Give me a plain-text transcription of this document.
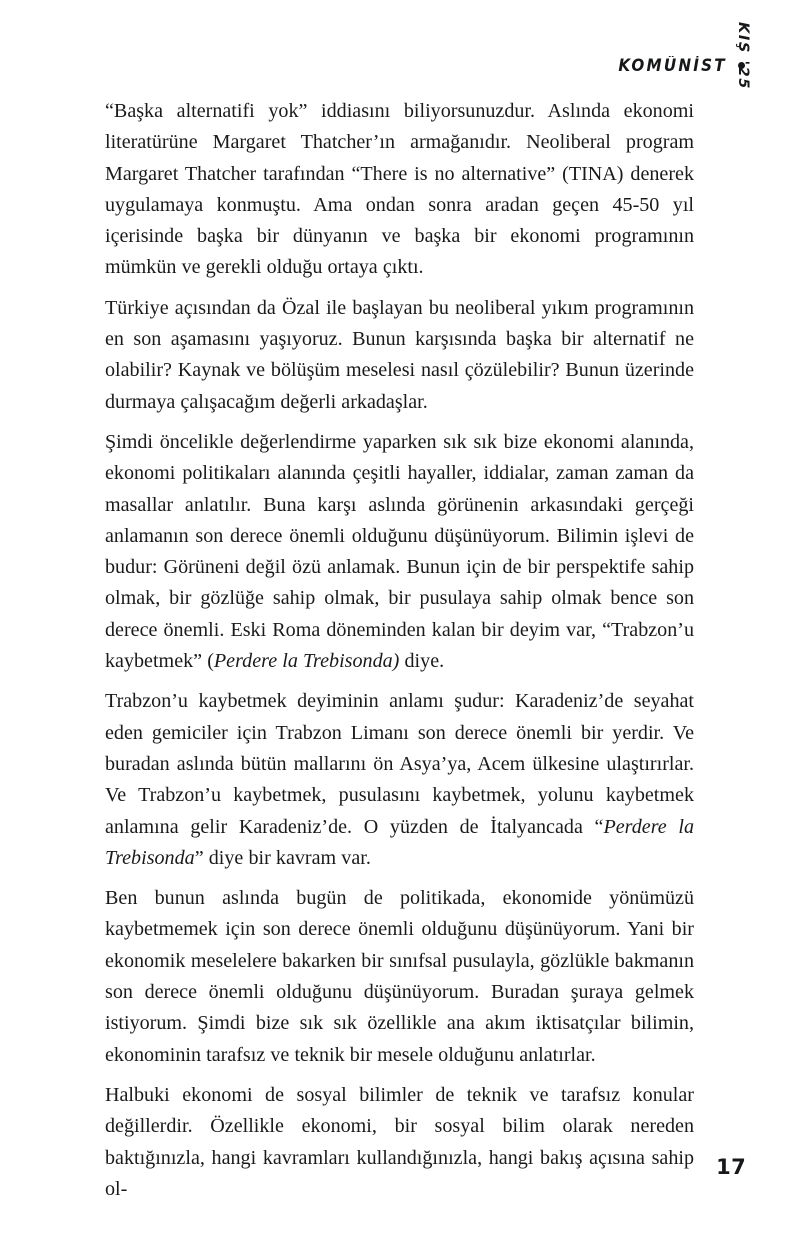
KOMÜNİST KIŞ '25

“Başka alternatifi yok” iddiasını biliyorsunuzdur. Aslında ekonomi literatürüne Margaret Thatcher’ın armağanıdır. Neoliberal program Margaret Thatcher tarafından “There is no alternative” (TINA) denerek uygulamaya konmuştu. Ama ondan sonra aradan geçen 45-50 yıl içerisinde başka bir dünyanın ve başka bir ekonomi programının mümkün ve gerekli olduğu ortaya çıktı.

Türkiye açısından da Özal ile başlayan bu neoliberal yıkım programının en son aşamasını yaşıyoruz. Bunun karşısında başka bir alternatif ne olabilir? Kaynak ve bölüşüm meselesi nasıl çözülebilir? Bunun üzerinde durmaya çalışacağım değerli arkadaşlar.

Şimdi öncelikle değerlendirme yaparken sık sık bize ekonomi alanında, ekonomi politikaları alanında çeşitli hayaller, iddialar, zaman zaman da masallar anlatılır. Buna karşı aslında görünenin arkasındaki gerçeği anlamanın son derece önemli olduğunu düşünüyorum. Bilimin işlevi de budur: Görüneni değil özü anlamak. Bunun için de bir perspektife sahip olmak, bir gözlüğe sahip olmak, bir pusulaya sahip olmak bence son derece önemli. Eski Roma döneminden kalan bir deyim var, “Trabzon’u kaybetmek” (Perdere la Trebisonda) diye.

Trabzon’u kaybetmek deyiminin anlamı şudur: Karadeniz’de seyahat eden gemiciler için Trabzon Limanı son derece önemli bir yerdir. Ve buradan aslında bütün mallarını ön Asya’ya, Acem ülkesine ulaştırırlar. Ve Trabzon’u kaybetmek, pusulasını kaybetmek, yolunu kaybetmek anlamına gelir Karadeniz’de. O yüzden de İtalyancada “Perdere la Trebisonda” diye bir kavram var.

Ben bunun aslında bugün de politikada, ekonomide yönümüzü kaybetmemek için son derece önemli olduğunu düşünüyorum. Yani bir ekonomik meselelere bakarken bir sınıfsal pusulayla, gözlükle bakmanın son derece önemli olduğunu düşünüyorum. Buradan şuraya gelmek istiyorum. Şimdi bize sık sık özellikle ana akım iktisatçılar bilimin, ekonominin tarafsız ve teknik bir mesele olduğunu anlatırlar.

Halbuki ekonomi de sosyal bilimler de teknik ve tarafsız konular değillerdir. Özellikle ekonomi, bir sosyal bilim olarak nereden baktığınızla, hangi kavramları kullandığınızla, hangi bakış açısına sahip ol-

17
